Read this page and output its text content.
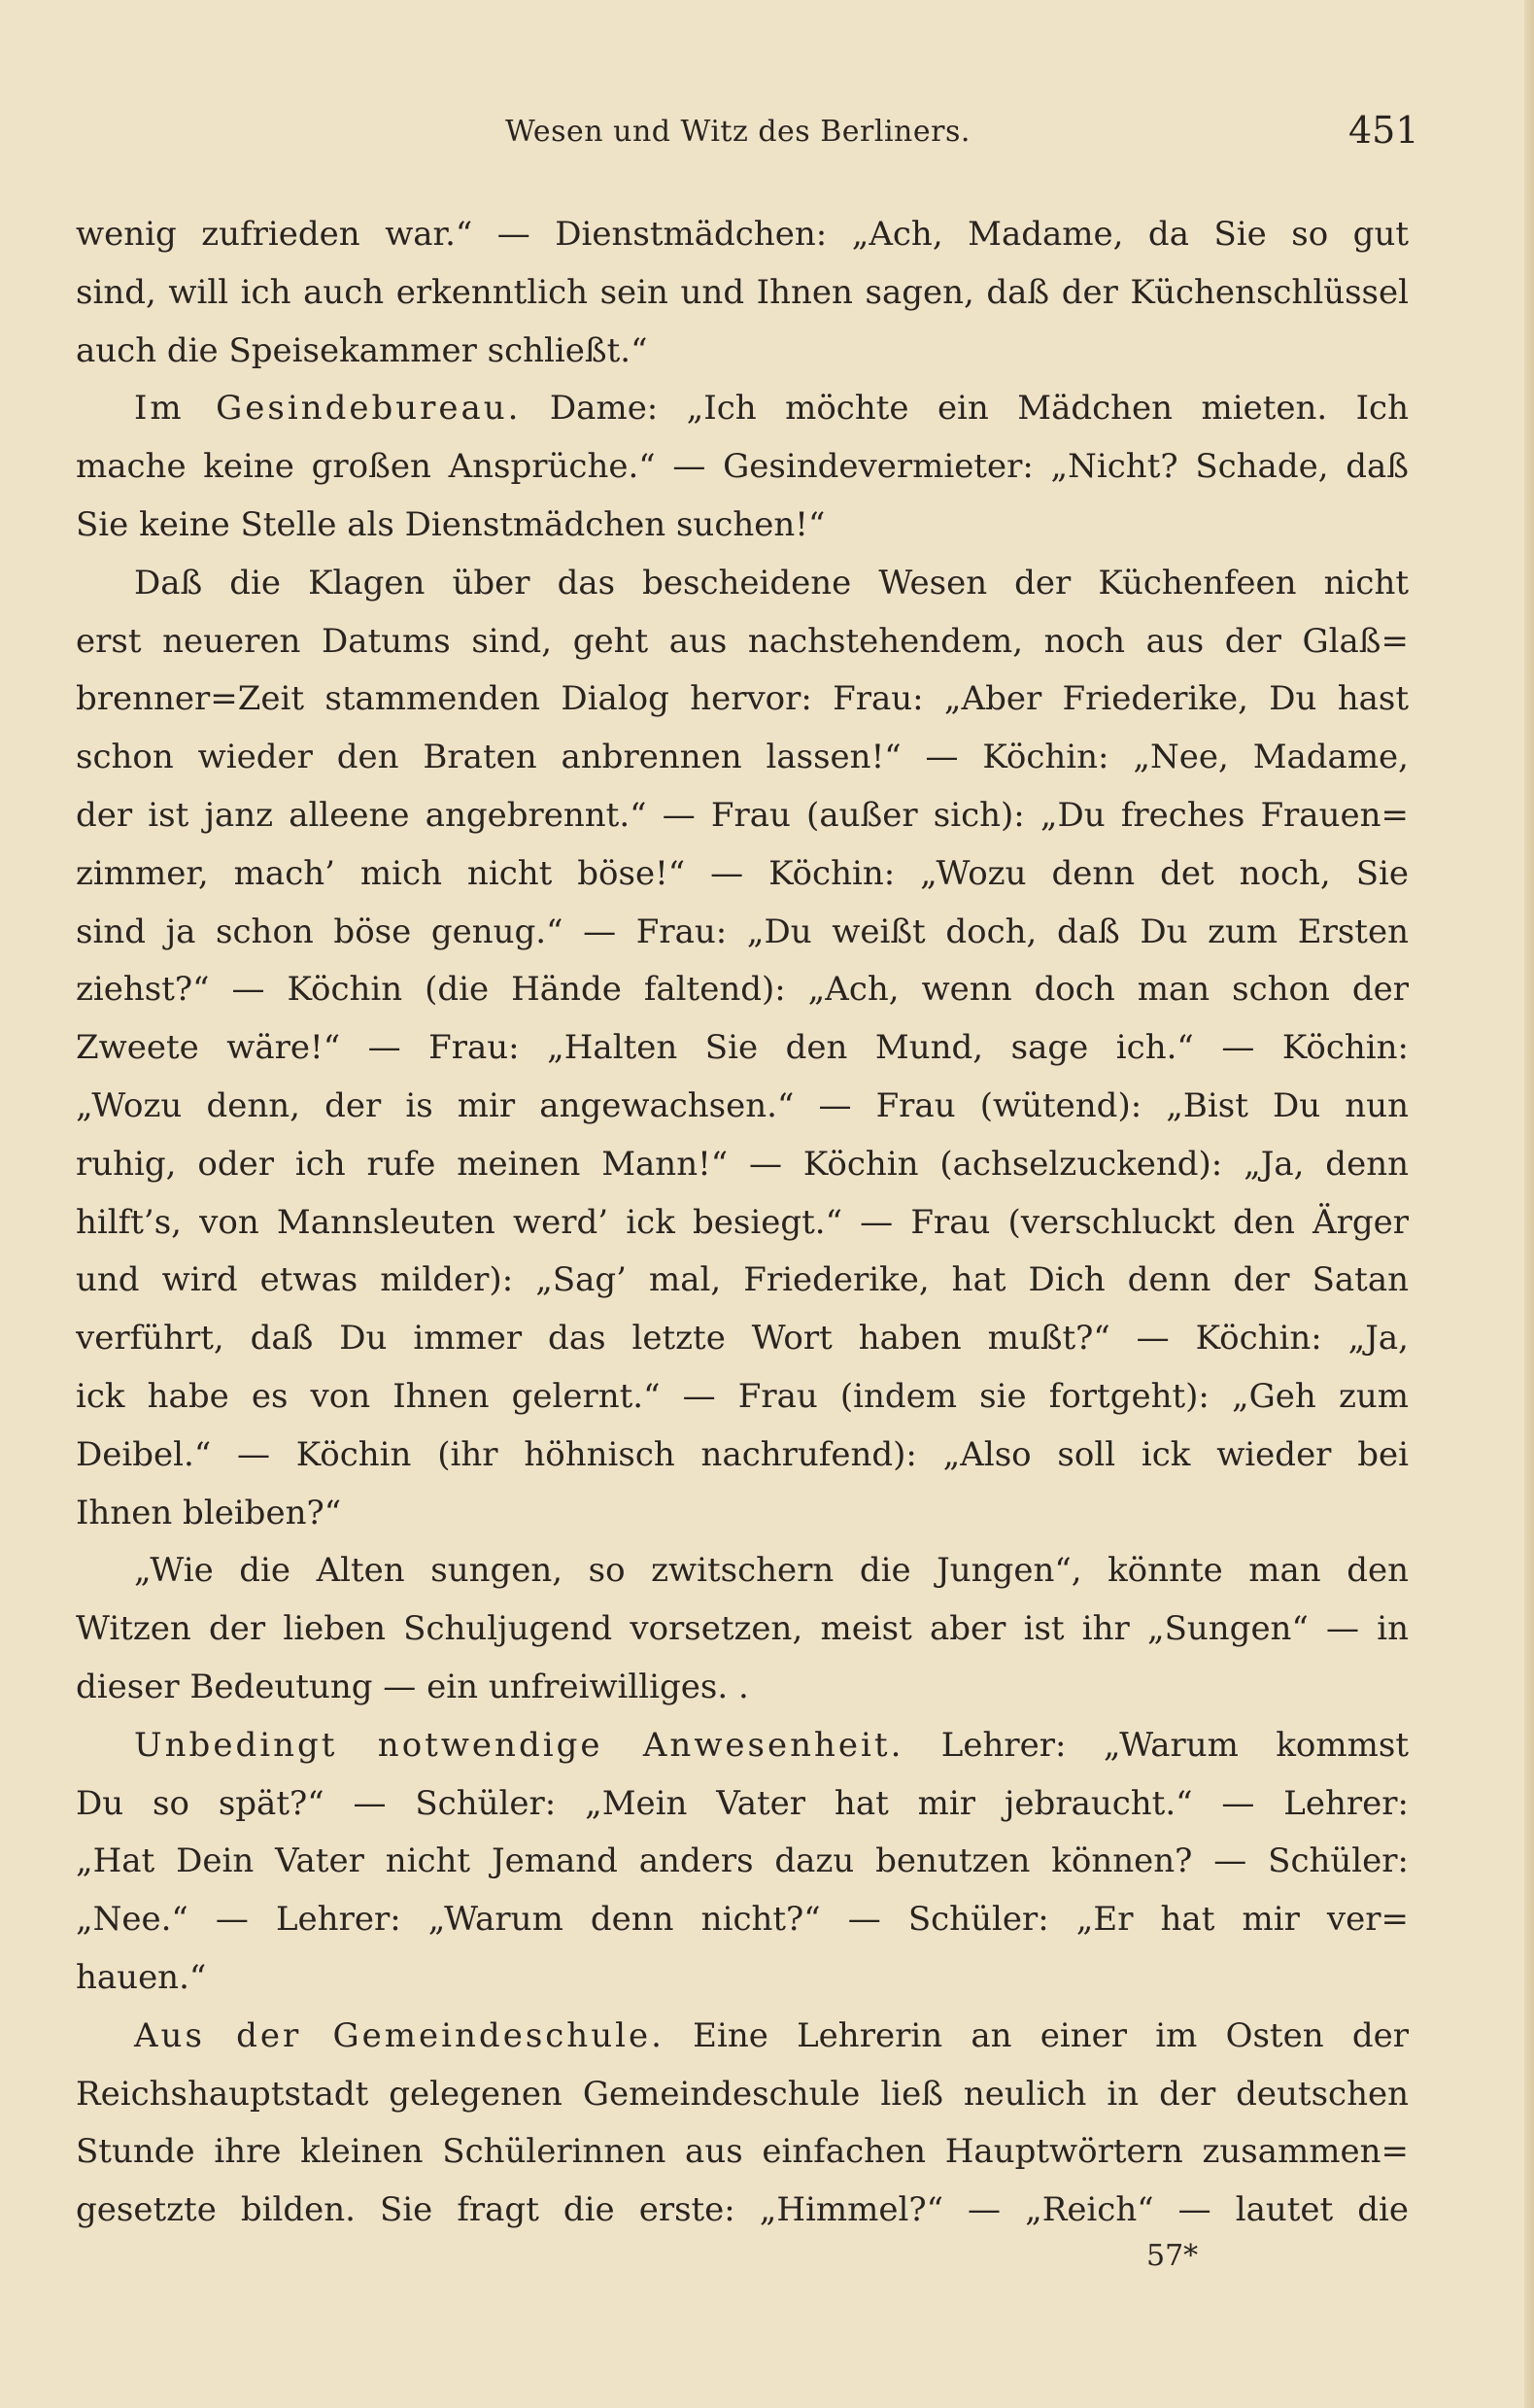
Wesen und Witz des Berliners.	451
wenig zufrieden war.“ — Dienstmädchen: „Ach, Madame, da Sie so gut
sind, will ich auch erkenntlich sein und Ihnen sagen, daß der Küchenschlüssel
auch die Speisekammer schließt.“
Im Gesindebureau. Dame: „Ich möchte ein Mädchen mieten. Ich
mache keine großen Ansprüche.“ — Gesindevermieter: „Nicht? Schade, daß
Sie keine Stelle als Dienstmädchen suchen!“
Daß die Klagen über das bescheidene Wesen der Küchenfeen nicht
erst neueren Datums sind, geht aus nachstehendem, noch aus der Glaß=
brenner=Zeit stammenden Dialog hervor: Frau: „Aber Friederike, Du hast
schon wieder den Braten anbrennen lassen!“ — Köchin: „Nee, Madame,
der ist janz alleene angebrennt.“ — Frau (außer sich): „Du freches Frauen=
zimmer, mach’ mich nicht böse!“ — Köchin: „Wozu denn det noch, Sie
sind ja schon böse genug.“ — Frau: „Du weißt doch, daß Du zum Ersten
ziehst?“ — Köchin (die Hände faltend): „Ach, wenn doch man schon der
Zweete wäre!“ — Frau: „Halten Sie den Mund, sage ich.“ — Köchin:
„Wozu denn, der is mir angewachsen.“ — Frau (wütend): „Bist Du nun
ruhig, oder ich rufe meinen Mann!“ — Köchin (achselzuckend): „Ja, denn
hilft’s, von Mannsleuten werd’ ick besiegt.“ — Frau (verschluckt den Ärger
und wird etwas milder): „Sag’ mal, Friederike, hat Dich denn der Satan
verführt, daß Du immer das letzte Wort haben mußt?“ — Köchin: „Ja,
ick habe es von Ihnen gelernt.“ — Frau (indem sie fortgeht): „Geh zum
Deibel.“ — Köchin (ihr höhnisch nachrufend): „Also soll ick wieder bei
Ihnen bleiben?“
„Wie die Alten sungen, so zwitschern die Jungen“, könnte man den
Witzen der lieben Schuljugend vorsetzen, meist aber ist ihr „Sungen“ — in
dieser Bedeutung — ein unfreiwilliges. .
Unbedingt notwendige Anwesenheit. Lehrer: „Warum kommst
Du so spät?“ — Schüler: „Mein Vater hat mir jebraucht.“ — Lehrer:
„Hat Dein Vater nicht Jemand anders dazu benutzen können? — Schüler:
„Nee.“ — Lehrer: „Warum denn nicht?“ — Schüler: „Er hat mir ver=
hauen.“
Aus der Gemeindeschule. Eine Lehrerin an einer im Osten der
Reichshauptstadt gelegenen Gemeindeschule ließ neulich in der deutschen
Stunde ihre kleinen Schülerinnen aus einfachen Hauptwörtern zusammen=
gesetzte bilden. Sie fragt die erste: „Himmel?“ — „Reich“ — lautet die
57*
